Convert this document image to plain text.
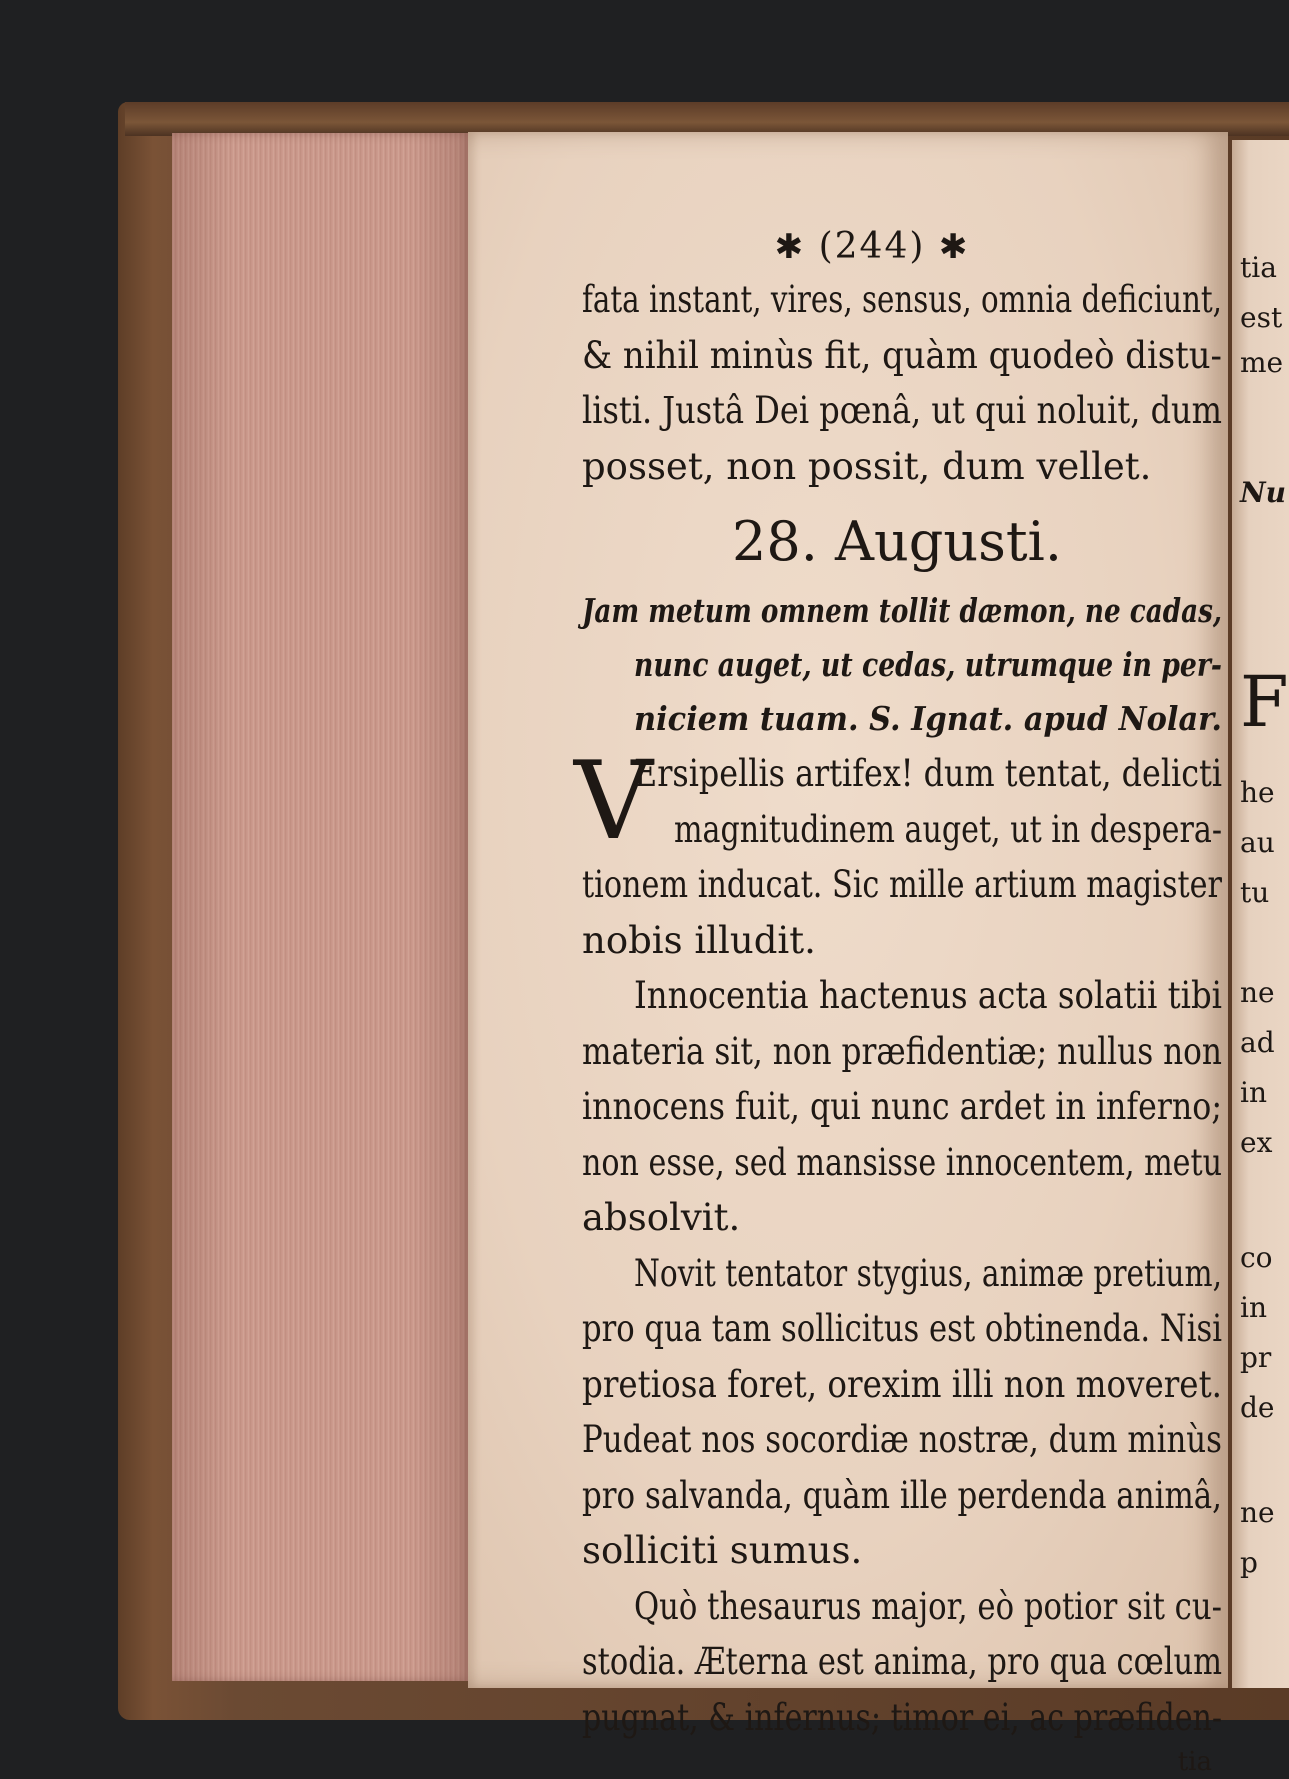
tia
est
me
Nu
F
he
au
tu
ne
ad
in
ex
co
in
pr
de
ne
p
✱ (244) ✱
fata instant, vires, sensus, omnia deficiunt,
& nihil minùs fit, quàm quodeò distu-
listi. Justâ Dei pœnâ, ut qui noluit, dum
posset, non possit, dum vellet.
28. Augusti.
Jam metum omnem tollit dæmon, ne cadas,
nunc auget, ut cedas, utrumque in per-
niciem tuam. S. Ignat. apud Nolar.
V
Ersipellis artifex! dum tentat, delicti
magnitudinem auget, ut in despera-
tionem inducat. Sic mille artium magister
nobis illudit.
Innocentia hactenus acta solatii tibi
materia sit, non præfidentiæ; nullus non
innocens fuit, qui nunc ardet in inferno;
non esse, sed mansisse innocentem, metu
absolvit.
Novit tentator stygius, animæ pretium,
pro qua tam sollicitus est obtinenda. Nisi
pretiosa foret, orexim illi non moveret.
Pudeat nos socordiæ nostræ, dum minùs
pro salvanda, quàm ille perdenda animâ,
solliciti sumus.
Quò thesaurus major, eò potior sit cu-
stodia. Æterna est anima, pro qua cœlum
pugnat, & infernus; timor ei, ac præfiden-
tia
